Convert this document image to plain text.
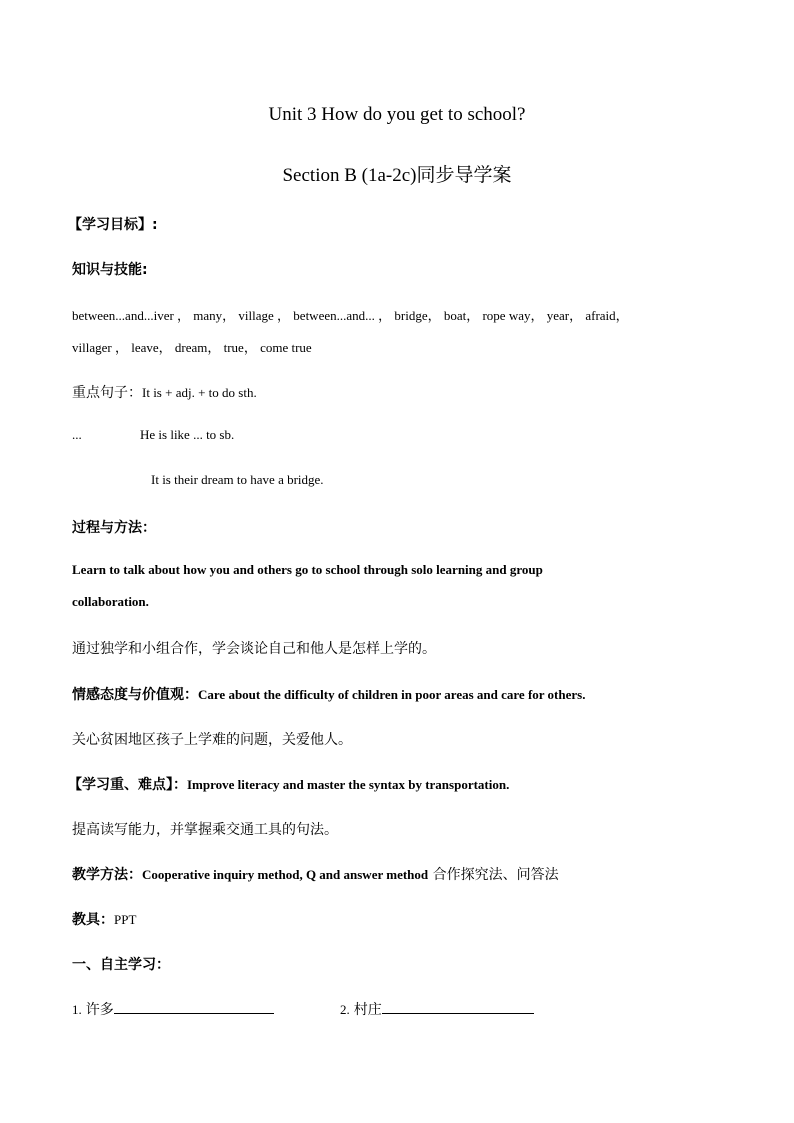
Unit 3 How do you get to school?
Section B (1a-2c)同步导学案
【学习目标】:
知识与技能:
between...and...iver ， many， village ， between...and... ， bridge， boat， rope way， year， afraid，
villager ， leave， dream， true， come true
重点句子：It is + adj. + to do sth.
...	He is like ... to sb.
It is their dream to have a bridge.
过程与方法：
Learn to talk about how you and others go to school through solo learning and group
collaboration.
通过独学和小组合作，学会谈论自己和他人是怎样上学的。
情感态度与价值观：Care about the difficulty of children in poor areas and care for others.
关心贫困地区孩子上学难的问题，关爱他人。
【学习重、难点】：Improve literacy and master the syntax by transportation.
提高读写能力，并掌握乘交通工具的句法。
教学方法：Cooperative inquiry method, Q and answer method 合作探究法、问答法
教具：PPT
一、自主学习：
1. 许多	2. 村庄
